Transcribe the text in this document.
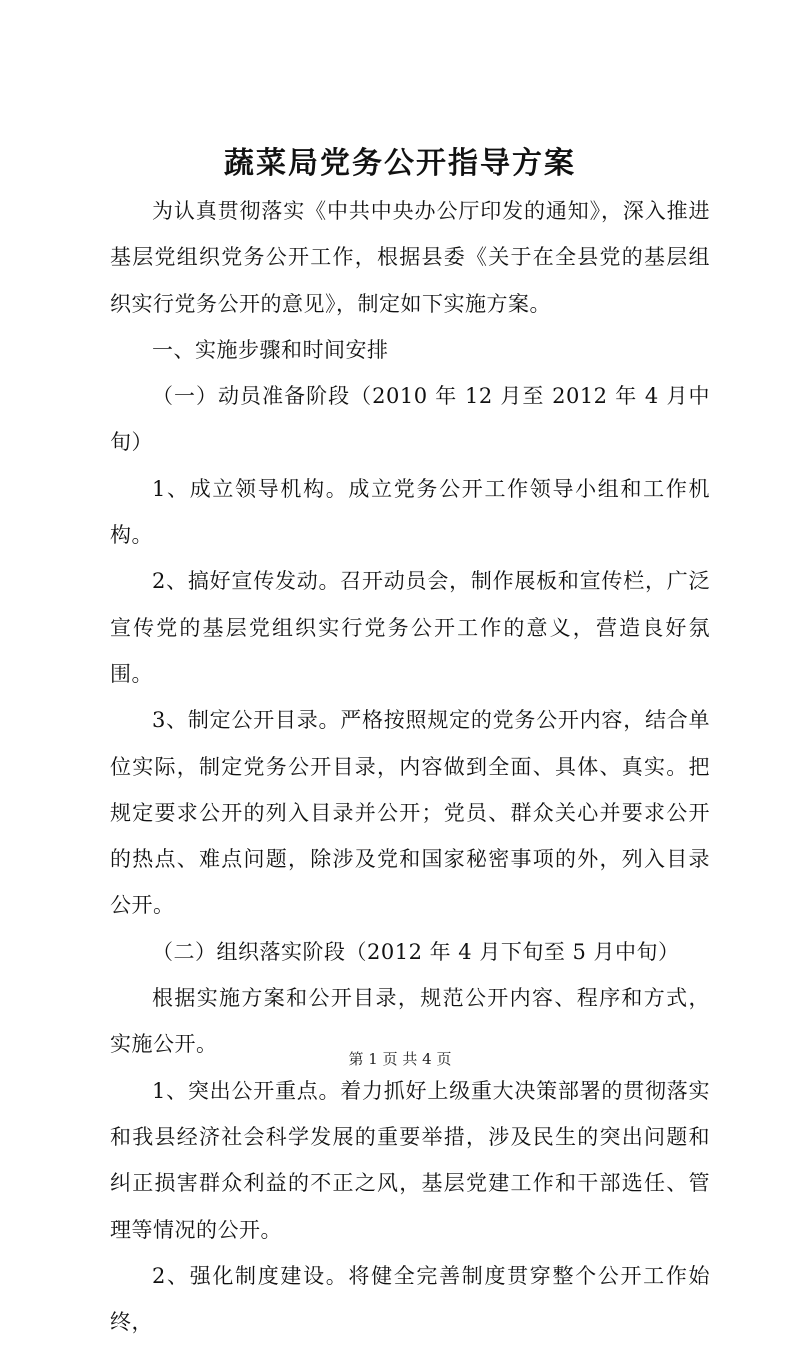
蔬菜局党务公开指导方案

为认真贯彻落实《中共中央办公厅印发的通知》，深入推进基层党组织党务公开工作，根据县委《关于在全县党的基层组织实行党务公开的意见》，制定如下实施方案。

一、实施步骤和时间安排

（一）动员准备阶段（2010 年 12 月至 2012 年 4 月中旬）

1、成立领导机构。成立党务公开工作领导小组和工作机构。

2、搞好宣传发动。召开动员会，制作展板和宣传栏，广泛宣传党的基层党组织实行党务公开工作的意义，营造良好氛围。

3、制定公开目录。严格按照规定的党务公开内容，结合单位实际，制定党务公开目录，内容做到全面、具体、真实。把规定要求公开的列入目录并公开；党员、群众关心并要求公开的热点、难点问题，除涉及党和国家秘密事项的外，列入目录公开。

（二）组织落实阶段（2012 年 4 月下旬至 5 月中旬）

根据实施方案和公开目录，规范公开内容、程序和方式，实施公开。

1、突出公开重点。着力抓好上级重大决策部署的贯彻落实和我县经济社会科学发展的重要举措，涉及民生的突出问题和纠正损害群众利益的不正之风，基层党建工作和干部选任、管理等情况的公开。

2、强化制度建设。将健全完善制度贯穿整个公开工作始终，

第 1 页 共 4 页
